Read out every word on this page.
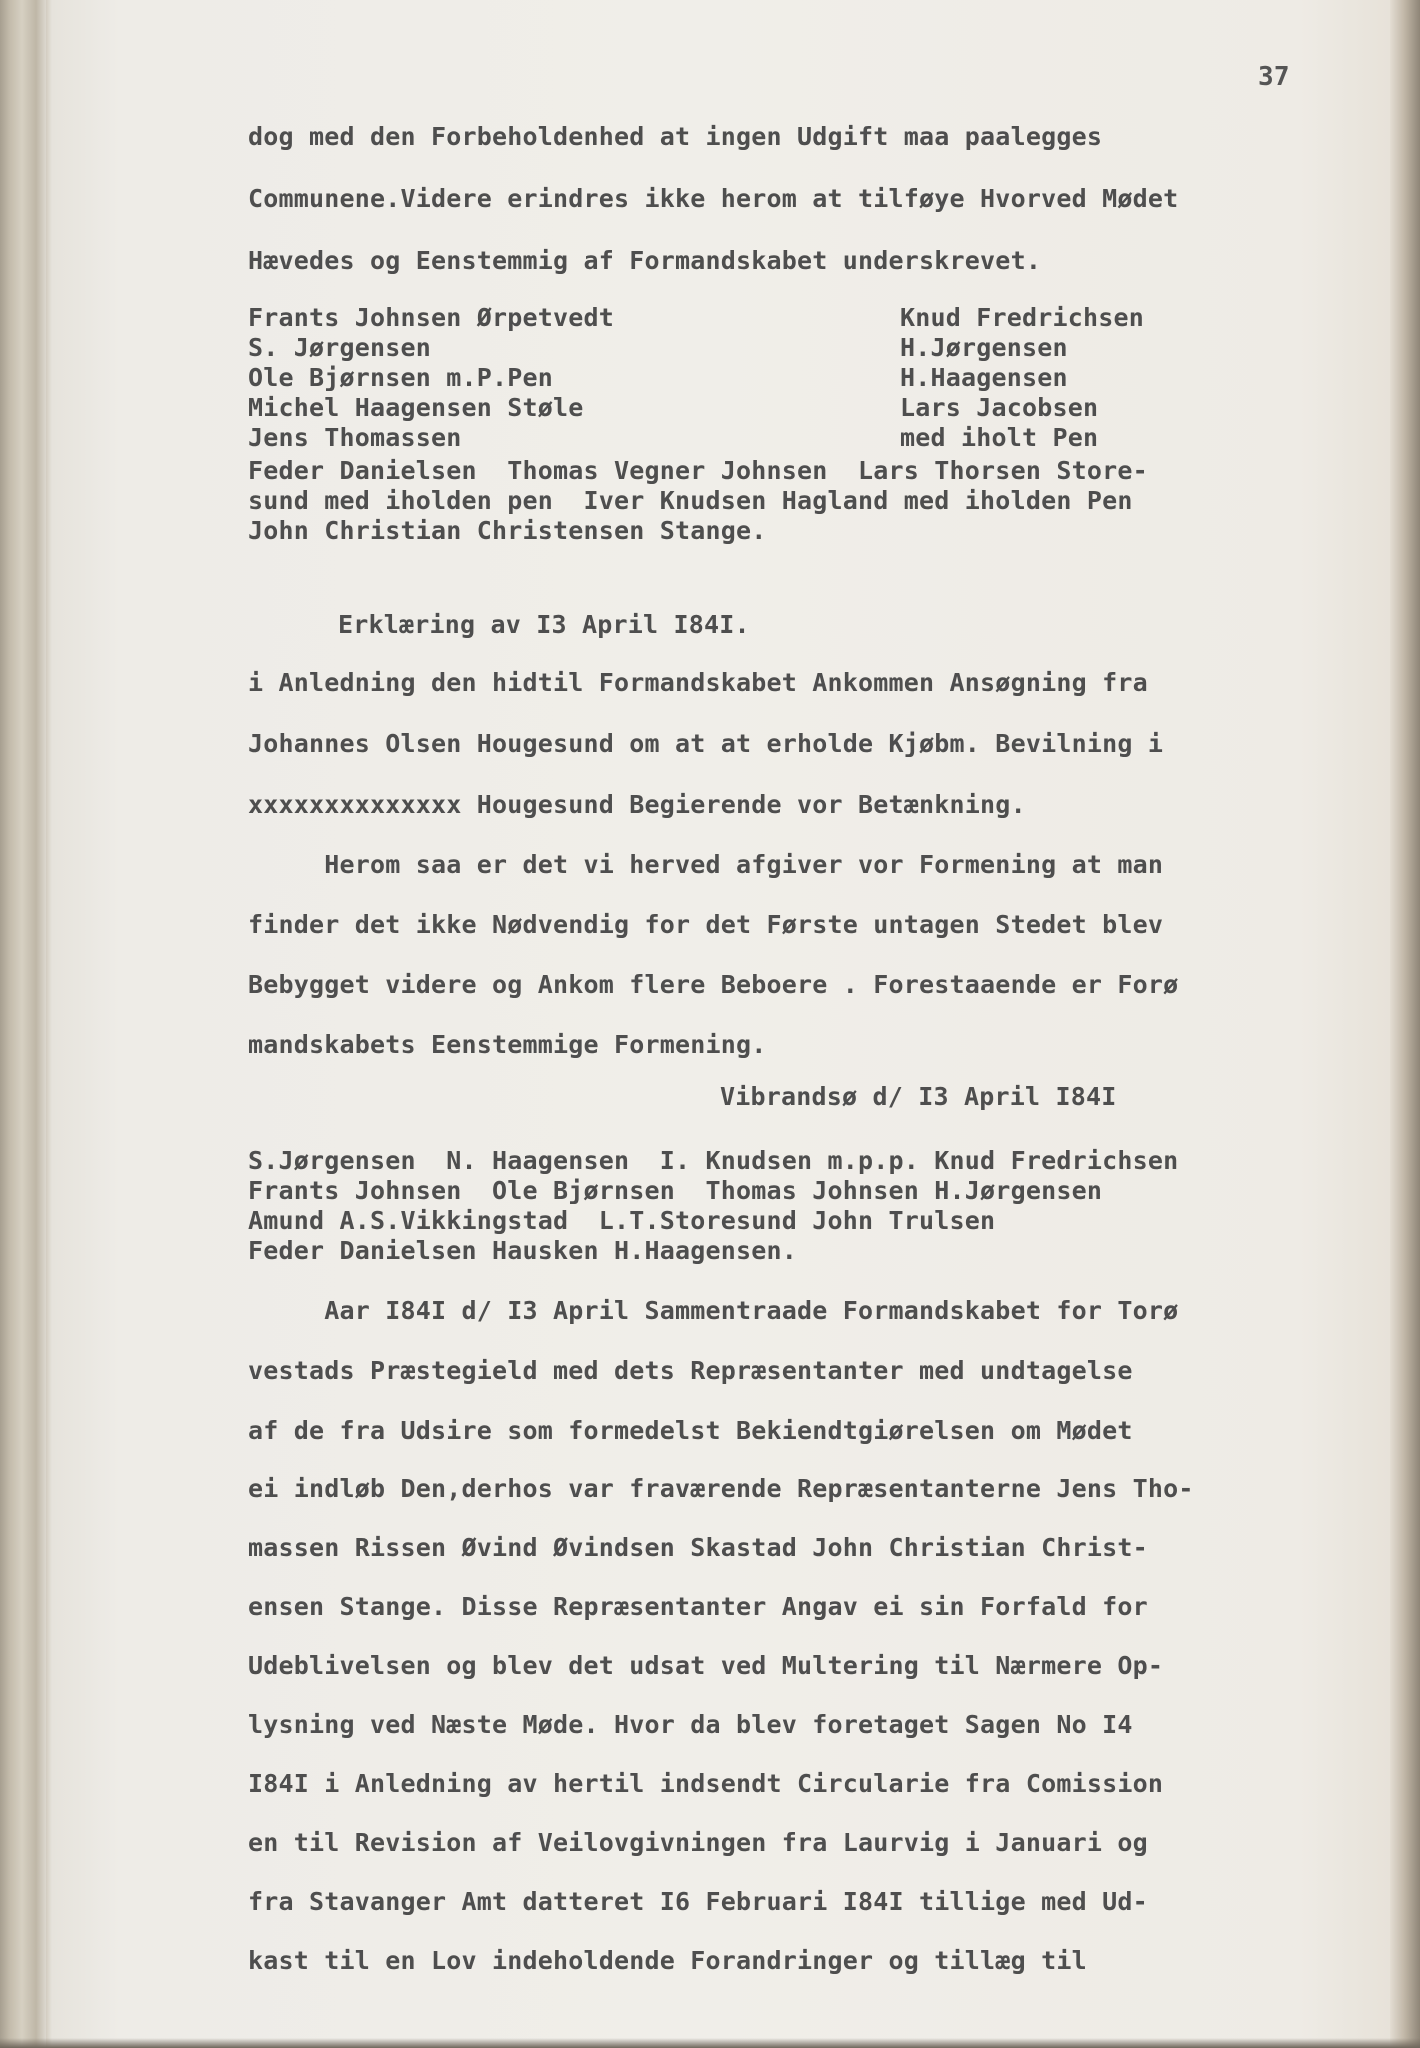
37
dog med den Forbeholdenhed at ingen Udgift maa paalegges
Communene.Videre erindres ikke herom at tilføye Hvorved Mødet
Hævedes og Eenstemmig af Formandskabet underskrevet.
Frants Johnsen Ørpetvedt	Knud Fredrichsen
S. Jørgensen	H.Jørgensen
Ole Bjørnsen m.P.Pen	H.Haagensen
Michel Haagensen Støle	Lars Jacobsen
Jens Thomassen	med iholt Pen
Feder Danielsen  Thomas Vegner Johnsen  Lars Thorsen Store-
sund med iholden pen  Iver Knudsen Hagland med iholden Pen
John Christian Christensen Stange.
Erklæring av I3 April I84I.
i Anledning den hidtil Formandskabet Ankommen Ansøgning fra
Johannes Olsen Hougesund om at at erholde Kjøbm. Bevilning i
xxxxxxxxxxxxxx Hougesund Begierende vor Betænkning.
Herom saa er det vi herved afgiver vor Formening at man
finder det ikke Nødvendig for det Første untagen Stedet blev
Bebygget videre og Ankom flere Beboere . Forestaaende er Forø
mandskabets Eenstemmige Formening.
Vibrandsø d/ I3 April I84I
S.Jørgensen  N. Haagensen  I. Knudsen m.p.p. Knud Fredrichsen
Frants Johnsen  Ole Bjørnsen  Thomas Johnsen H.Jørgensen
Amund A.S.Vikkingstad  L.T.Storesund John Trulsen
Feder Danielsen Hausken H.Haagensen.
Aar I84I d/ I3 April Sammentraade Formandskabet for Torø
vestads Præstegield med dets Repræsentanter med undtagelse
af de fra Udsire som formedelst Bekiendtgiørelsen om Mødet
ei indløb Den,derhos var fraværende Repræsentanterne Jens Tho-
massen Rissen Øvind Øvindsen Skastad John Christian Christ-
ensen Stange. Disse Repræsentanter Angav ei sin Forfald for
Udeblivelsen og blev det udsat ved Multering til Nærmere Op-
lysning ved Næste Møde. Hvor da blev foretaget Sagen No I4
I84I i Anledning av hertil indsendt Circularie fra Comission
en til Revision af Veilovgivningen fra Laurvig i Januari og
fra Stavanger Amt datteret I6 Februari I84I tillige med Ud-
kast til en Lov indeholdende Forandringer og tillæg til
